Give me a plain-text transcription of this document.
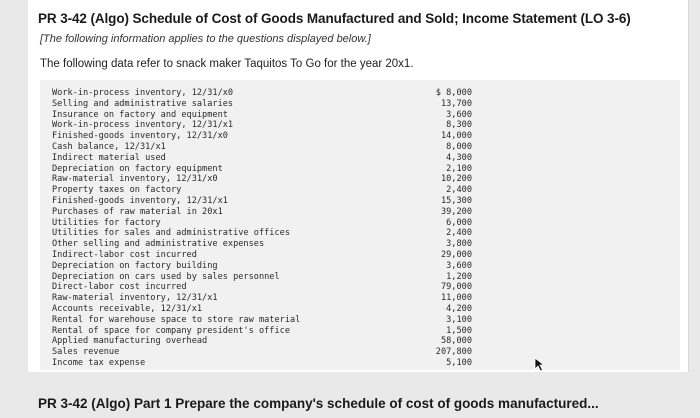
PR 3-42 (Algo) Schedule of Cost of Goods Manufactured and Sold; Income Statement (LO 3-6)
[The following information applies to the questions displayed below.]
The following data refer to snack maker Taquitos To Go for the year 20x1.
Work-in-process inventory, 12/31/x0	$ 8,000
Selling and administrative salaries	13,700
Insurance on factory and equipment	3,600
Work-in-process inventory, 12/31/x1	8,300
Finished-goods inventory, 12/31/x0	14,000
Cash balance, 12/31/x1	8,000
Indirect material used	4,300
Depreciation on factory equipment	2,100
Raw-material inventory, 12/31/x0	10,200
Property taxes on factory	2,400
Finished-goods inventory, 12/31/x1	15,300
Purchases of raw material in 20x1	39,200
Utilities for factory	6,000
Utilities for sales and administrative offices	2,400
Other selling and administrative expenses	3,800
Indirect-labor cost incurred	29,000
Depreciation on factory building	3,600
Depreciation on cars used by sales personnel	1,200
Direct-labor cost incurred	79,000
Raw-material inventory, 12/31/x1	11,000
Accounts receivable, 12/31/x1	4,200
Rental for warehouse space to store raw material	3,100
Rental of space for company president's office	1,500
Applied manufacturing overhead	58,000
Sales revenue	207,800
Income tax expense	5,100
PR 3-42 (Algo) Part 1 Prepare the company's schedule of cost of goods manufactured...
